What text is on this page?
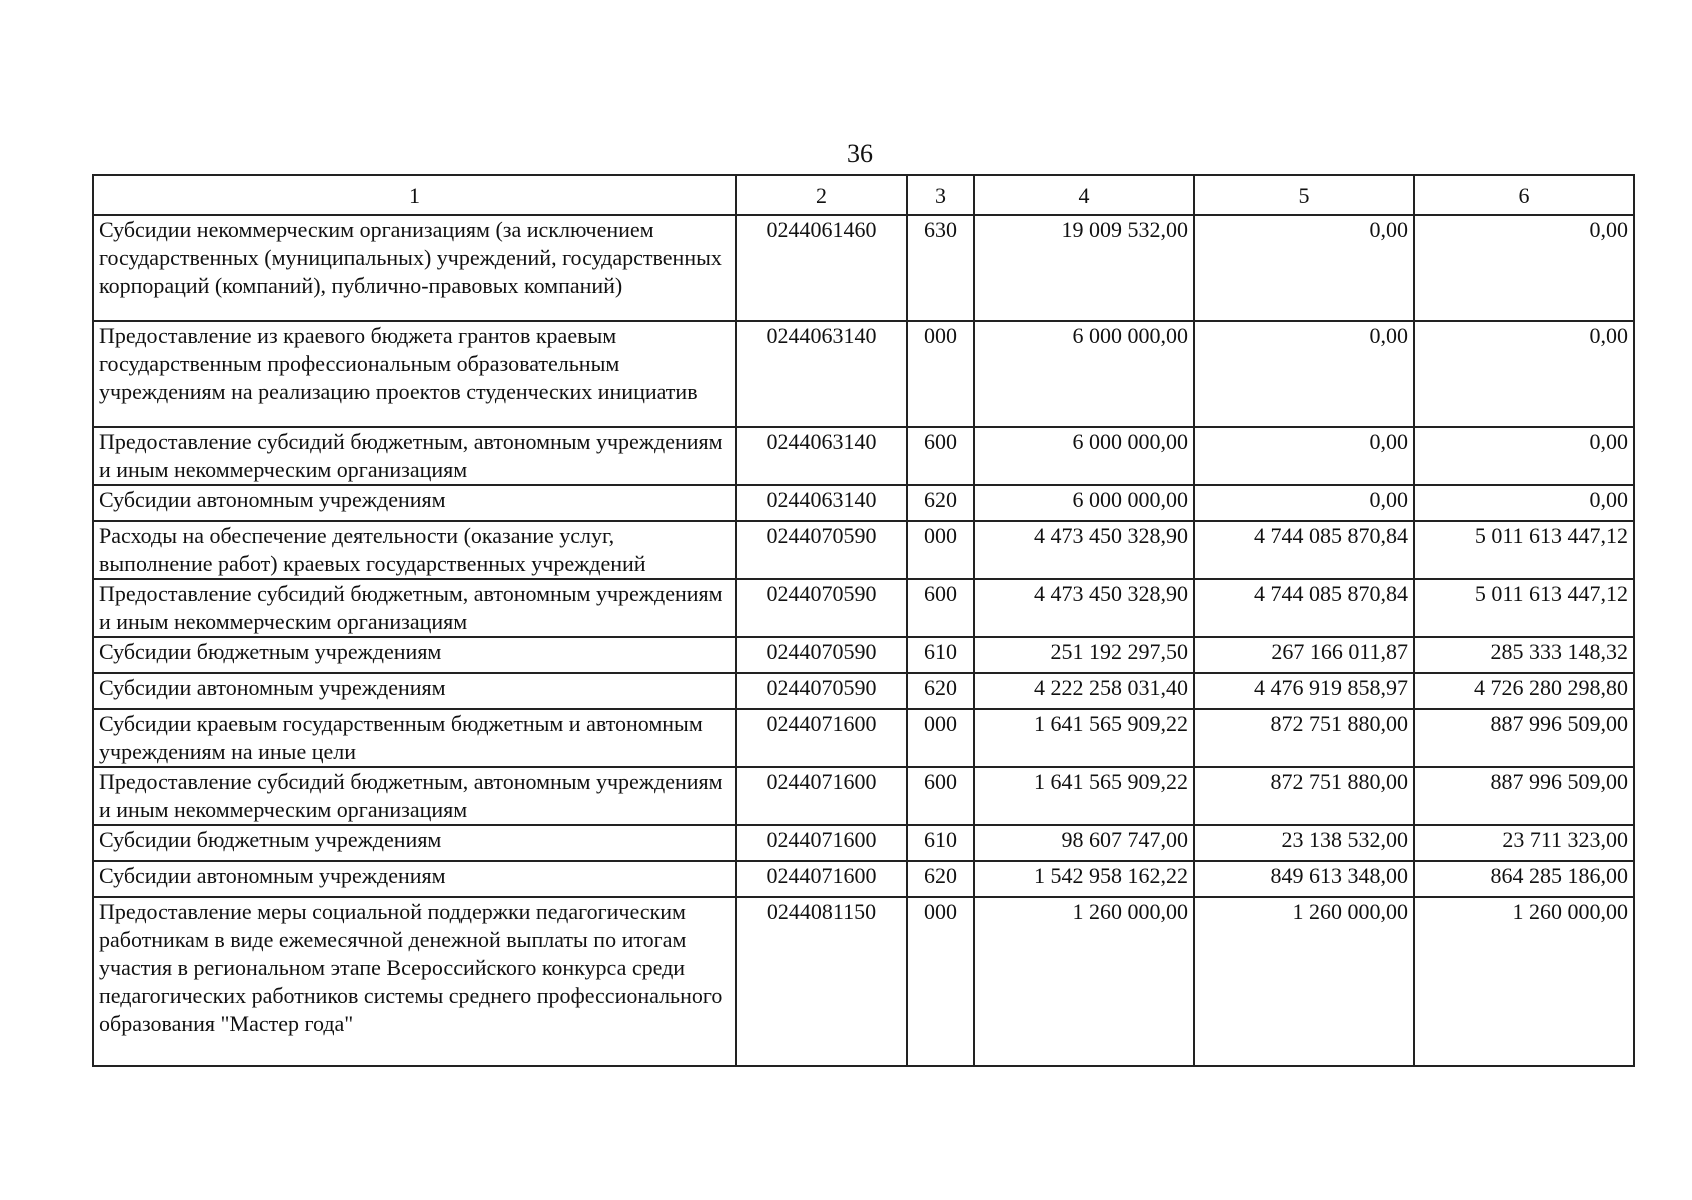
36
1	2	3	4	5	6
Субсидии некоммерческим организациям (за исключением государственных (муниципальных) учреждений, государственных корпораций (компаний), публично-правовых компаний)	0244061460	630	19 009 532,00	0,00	0,00
Предоставление из краевого бюджета грантов краевым государственным профессиональным образовательным учреждениям на реализацию проектов студенческих инициатив	0244063140	000	6 000 000,00	0,00	0,00
Предоставление субсидий бюджетным, автономным учреждениям и иным некоммерческим организациям	0244063140	600	6 000 000,00	0,00	0,00
Субсидии автономным учреждениям	0244063140	620	6 000 000,00	0,00	0,00
Расходы на обеспечение деятельности (оказание услуг, выполнение работ) краевых государственных учреждений	0244070590	000	4 473 450 328,90	4 744 085 870,84	5 011 613 447,12
Предоставление субсидий бюджетным, автономным учреждениям и иным некоммерческим организациям	0244070590	600	4 473 450 328,90	4 744 085 870,84	5 011 613 447,12
Субсидии бюджетным учреждениям	0244070590	610	251 192 297,50	267 166 011,87	285 333 148,32
Субсидии автономным учреждениям	0244070590	620	4 222 258 031,40	4 476 919 858,97	4 726 280 298,80
Субсидии краевым государственным бюджетным и автономным учреждениям на иные цели	0244071600	000	1 641 565 909,22	872 751 880,00	887 996 509,00
Предоставление субсидий бюджетным, автономным учреждениям и иным некоммерческим организациям	0244071600	600	1 641 565 909,22	872 751 880,00	887 996 509,00
Субсидии бюджетным учреждениям	0244071600	610	98 607 747,00	23 138 532,00	23 711 323,00
Субсидии автономным учреждениям	0244071600	620	1 542 958 162,22	849 613 348,00	864 285 186,00
Предоставление меры социальной поддержки педагогическим работникам в виде ежемесячной денежной выплаты по итогам участия в региональном этапе Всероссийского конкурса среди педагогических работников системы среднего профессионального образования "Мастер года"	0244081150	000	1 260 000,00	1 260 000,00	1 260 000,00
